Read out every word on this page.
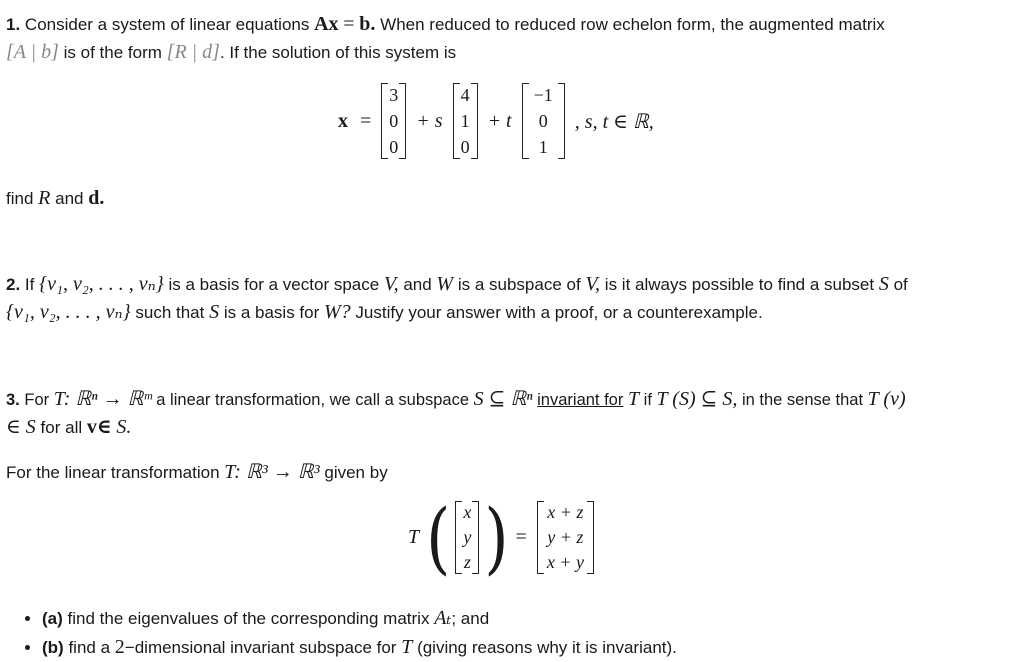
1. Consider a system of linear equations Ax = b. When reduced to reduced row echelon form, the augmented matrix
[A | b] is of the form [R | d]. If the solution of this system is
x =
3
0
0
+ s
4
1
0
+ t
−1
0
1
, s, t ∈ ℝ,
find R and d.
2. If {v₁, v₂, . . . , vₙ} is a basis for a vector space V, and W is a subspace of V, is it always possible to find a subset S of
{v₁, v₂, . . . , vₙ} such that S is a basis for W? Justify your answer with a proof, or a counterexample.
3. For T: ℝⁿ → ℝᵐ a linear transformation, we call a subspace S ⊆ ℝⁿ invariant for T if T (S) ⊆ S, in the sense that T (v)
∈ S for all v∈ S.
For the linear transformation T: ℝ³ → ℝ³ given by
T ( x
y
z ) =
x + z
y + z
x + y
• (a) find the eigenvalues of the corresponding matrix Aₜ; and
• (b) find a 2−dimensional invariant subspace for T (giving reasons why it is invariant).
